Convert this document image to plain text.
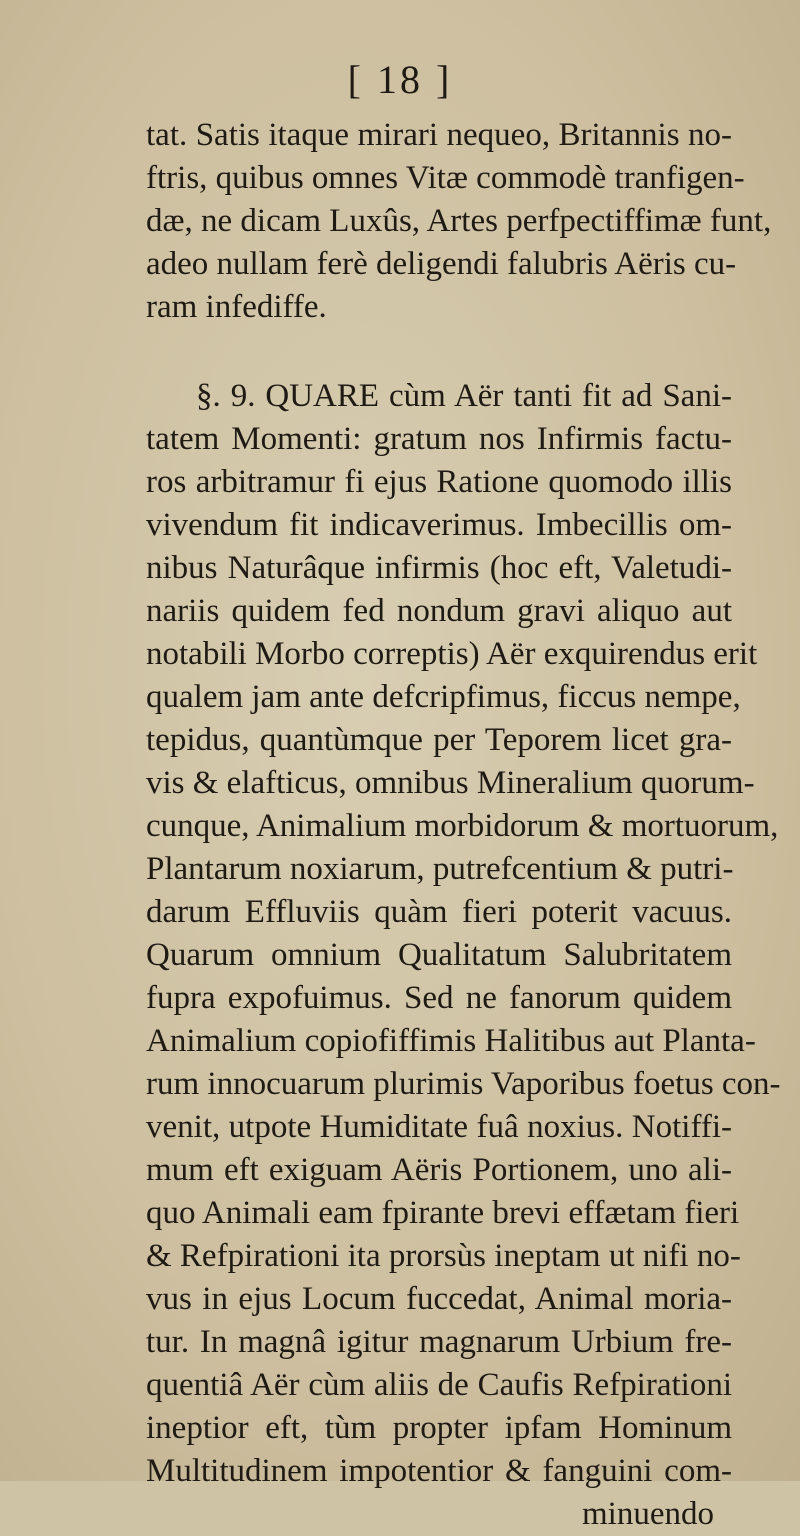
[ 18 ]
tat. Satis itaque mirari nequeo, Britannis no-
ftris, quibus omnes Vitæ commodè tranfigen-
dæ, ne dicam Luxûs, Artes perfpectiffimæ funt,
adeo nullam ferè deligendi falubris Aëris cu-
ram infediffe.
§. 9. QUARE cùm Aër tanti fit ad Sani-
tatem Momenti: gratum nos Infirmis factu-
ros arbitramur fi ejus Ratione quomodo illis
vivendum fit indicaverimus. Imbecillis om-
nibus Naturâque infirmis (hoc eft, Valetudi-
nariis quidem fed nondum gravi aliquo aut
notabili Morbo correptis) Aër exquirendus erit
qualem jam ante defcripfimus, ficcus nempe,
tepidus, quantùmque per Teporem licet gra-
vis & elafticus, omnibus Mineralium quorum-
cunque, Animalium morbidorum & mortuorum,
Plantarum noxiarum, putrefcentium & putri-
darum Effluviis quàm fieri poterit vacuus.
Quarum omnium Qualitatum Salubritatem
fupra expofuimus. Sed ne fanorum quidem
Animalium copiofiffimis Halitibus aut Planta-
rum innocuarum plurimis Vaporibus foetus con-
venit, utpote Humiditate fuâ noxius. Notiffi-
mum eft exiguam Aëris Portionem, uno ali-
quo Animali eam fpirante brevi effætam fieri
& Refpirationi ita prorsùs ineptam ut nifi no-
vus in ejus Locum fuccedat, Animal moria-
tur. In magnâ igitur magnarum Urbium fre-
quentiâ Aër cùm aliis de Caufis Refpirationi
ineptior eft, tùm propter ipfam Hominum
Multitudinem impotentior & fanguini com-
minuendo
